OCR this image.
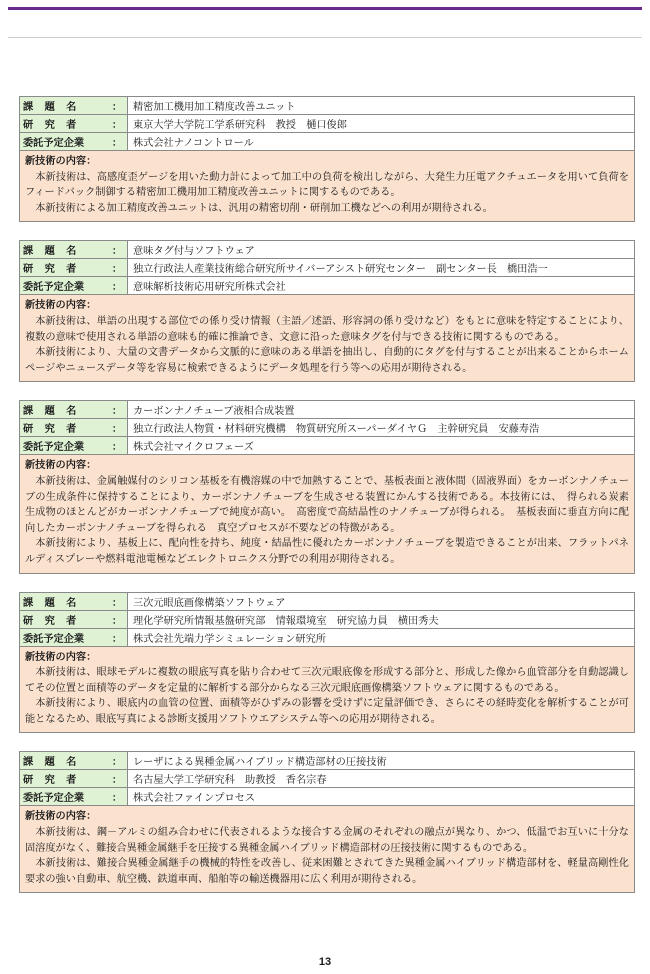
課　題　名	：	精密加工機用加工精度改善ユニット
研　究　者	：	東京大学大学院工学系研究科　教授　樋口俊郎
委託予定企業	：	株式会社ナノコントロール
新技術の内容：
本新技術は、高感度歪ゲージを用いた動力計によって加工中の負荷を検出しながら、大発生力圧電アクチュエータを用いて負荷をフィードバック制御する精密加工機用加工精度改善ユニットに関するものである。
本新技術による加工精度改善ユニットは、汎用の精密切削・研削加工機などへの利用が期待される。
課　題　名	：	意味タグ付与ソフトウェア
研　究　者	：	独立行政法人産業技術総合研究所サイバーアシスト研究センター　副センター長　橋田浩一
委託予定企業	：	意味解析技術応用研究所株式会社
新技術の内容：
本新技術は、単語の出現する部位での係り受け情報（主語／述語、形容詞の係り受けなど）をもとに意味を特定することにより、複数の意味で使用される単語の意味も的確に推論でき、文意に沿った意味タグを付与できる技術に関するものである。
本新技術により、大量の文書データから文脈的に意味のある単語を抽出し、自動的にタグを付与することが出来ることからホームページやニュースデータ等を容易に検索できるようにデータ処理を行う等への応用が期待される。
課　題　名	：	カーボンナノチューブ液相合成装置
研　究　者	：	独立行政法人物質・材料研究機構　物質研究所スーパーダイヤＧ　主幹研究員　安藤寿浩
委託予定企業	：	株式会社マイクロフェーズ
新技術の内容：
本新技術は、金属触媒付のシリコン基板を有機溶媒の中で加熱することで、基板表面と液体間（固液界面）をカーボンナノチューブの生成条件に保持することにより、カーボンナノチューブを生成させる装置にかんする技術である。本技術には、　得られる炭素生成物のほとんどがカーボンナノチューブで純度が高い。　高密度で高結晶性のナノチューブが得られる。　基板表面に垂直方向に配向したカーボンナノチューブを得られる　真空プロセスが不要などの特徴がある。
本新技術により、基板上に、配向性を持ち、純度・結晶性に優れたカーボンナノチューブを製造できることが出来、フラットパネルディスプレーや燃料電池電極などエレクトロニクス分野での利用が期待される。
課　題　名	：	三次元眼底画像構築ソフトウェア
研　究　者	：	理化学研究所情報基盤研究部　情報環境室　研究協力員　横田秀夫
委託予定企業	：	株式会社先端力学シミュレーション研究所
新技術の内容：
本新技術は、眼球モデルに複数の眼底写真を貼り合わせて三次元眼底像を形成する部分と、形成した像から血管部分を自動認識してその位置と面積等のデータを定量的に解析する部分からなる三次元眼底画像構築ソフトウェアに関するものである。
本新技術により、眼底内の血管の位置、面積等がひずみの影響を受けずに定量評価でき、さらにその経時変化を解析することが可能となるため、眼底写真による診断支援用ソフトウエアシステム等への応用が期待される。
課　題　名	：	レーザによる異種金属ハイブリッド構造部材の圧接技術
研　究　者	：	名古屋大学工学研究科　助教授　香名宗春
委託予定企業	：	株式会社ファインプロセス
新技術の内容：
本新技術は、鋼－アルミの組み合わせに代表されるような接合する金属のそれぞれの融点が異なり、かつ、低温でお互いに十分な固溶度がなく、難接合異種金属継手を圧接する異種金属ハイブリッド構造部材の圧接技術に関するものである。
本新技術は、難接合異種金属継手の機械的特性を改善し、従来困難とされてきた異種金属ハイブリッド構造部材を、軽量高剛性化要求の強い自動車、航空機、鉄道車両、船舶等の輸送機器用に広く利用が期待される。
13
